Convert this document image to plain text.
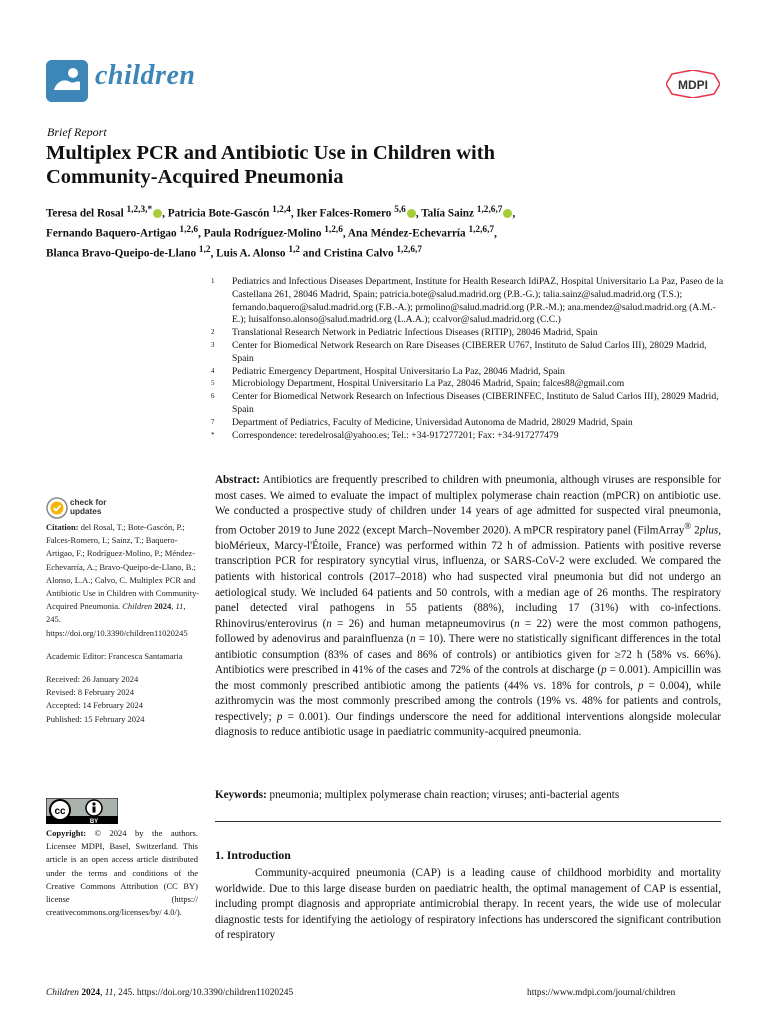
children	MDPI
Brief Report
Multiplex PCR and Antibiotic Use in Children with
Community-Acquired Pneumonia
Teresa del Rosal $^{1,2,3,*}$ , Patricia Bote-Gascón $^{1,2,4}$, Iker Falces-Romero $^{5,6}$ , Talía Sainz $^{1,2,6,7}$ ,
Fernando Baquero-Artigao $^{1,2,6}$, Paula Rodríguez-Molino $^{1,2,6}$, Ana Méndez-Echevarría $^{1,2,6,7}$,
Blanca Bravo-Queipo-de-Llano $^{1,2}$, Luis A. Alonso $^{1,2}$ and Cristina Calvo $^{1,2,6,7}$
1	Pediatrics and Infectious Diseases Department, Institute for Health Research IdiPAZ, Hospital Universitario La Paz, Paseo de la Castellana 261, 28046 Madrid, Spain; patricia.bote@salud.madrid.org (P.B.-G.); talia.sainz@salud.madrid.org (T.S.); fernando.baquero@salud.madrid.org (F.B.-A.); prmolino@salud.madrid.org (P.R.-M.); ana.mendez@salud.madrid.org (A.M.-E.); luisalfonso.alonso@salud.madrid.org (L.A.A.); ccalvor@salud.madrid.org (C.C.)
2	Translational Research Network in Pediatric Infectious Diseases (RITIP), 28046 Madrid, Spain
3	Center for Biomedical Network Research on Rare Diseases (CIBERER U767, Instituto de Salud Carlos III), 28029 Madrid, Spain
4	Pediatric Emergency Department, Hospital Universitario La Paz, 28046 Madrid, Spain
5	Microbiology Department, Hospital Universitario La Paz, 28046 Madrid, Spain; falces88@gmail.com
6	Center for Biomedical Network Research on Infectious Diseases (CIBERINFEC, Instituto de Salud Carlos III), 28029 Madrid, Spain
7	Department of Pediatrics, Faculty of Medicine, Universidad Autonoma de Madrid, 28029 Madrid, Spain
*	Correspondence: teredelrosal@yahoo.es; Tel.: +34-917277201; Fax: +34-917277479
check for
updates

Citation: del Rosal, T.; Bote-Gascón, P.; Falces-Romero, I.; Sainz, T.; Baquero-Artigao, F.; Rodríguez-Molino, P.; Méndez-Echevarría, A.; Bravo-Queipo-de-Llano, B.; Alonso, L.A.; Calvo, C. Multiplex PCR and Antibiotic Use in Children with Community-Acquired Pneumonia. Children 2024, 11, 245. https://doi.org/10.3390/children11020245

Academic Editor: Francesca Santamaria

Received: 26 January 2024

Revised: 8 February 2024

Accepted: 14 February 2024

Published: 15 February 2024

cc
BY
Copyright: © 2024 by the authors. Licensee MDPI, Basel, Switzerland. This article is an open access article distributed under the terms and conditions of the Creative Commons Attribution (CC BY) license (https:// creativecommons.org/licenses/by/ 4.0/).
Abstract: Antibiotics are frequently prescribed to children with pneumonia, although viruses are responsible for most cases. We aimed to evaluate the impact of multiplex polymerase chain reaction (mPCR) on antibiotic use. We conducted a prospective study of children under 14 years of age admitted for suspected viral pneumonia, from October 2019 to June 2022 (except March–November 2020). A mPCR respiratory panel (FilmArray® 2plus, bioMérieux, Marcy-l'Étoile, France) was performed within 72 h of admission. Patients with positive reverse transcription PCR for respiratory syncytial virus, influenza, or SARS-CoV-2 were excluded. We compared the patients with historical controls (2017–2018) who had suspected viral pneumonia but did not undergo an aetiological study. We included 64 patients and 50 controls, with a median age of 26 months. The respiratory panel detected viral pathogens in 55 patients (88%), including 17 (31%) with co-infections. Rhinovirus/enterovirus (n = 26) and human metapneumovirus (n = 22) were the most common pathogens, followed by adenovirus and parainfluenza (n = 10). There were no statistically significant differences in the total antibiotic consumption (83% of cases and 86% of controls) or antibiotics given for ≥72 h (58% vs. 66%). Antibiotics were prescribed in 41% of the cases and 72% of the controls at discharge (p = 0.001). Ampicillin was the most commonly prescribed antibiotic among the patients (44% vs. 18% for controls, p = 0.004), while azithromycin was the most commonly prescribed among the controls (19% vs. 48% for patients and controls, respectively; p = 0.001). Our findings underscore the need for additional interventions alongside molecular diagnosis to reduce antibiotic usage in paediatric community-acquired pneumonia.
Keywords: pneumonia; multiplex polymerase chain reaction; viruses; anti-bacterial agents
1. Introduction
Community-acquired pneumonia (CAP) is a leading cause of childhood morbidity and mortality worldwide. Due to this large disease burden on paediatric health, the optimal management of CAP is essential, including prompt diagnosis and appropriate antimicrobial therapy. In recent years, the wide use of molecular diagnostic tests for identifying the aetiology of respiratory infections has underscored the significant contribution of respiratory
Children 2024, 11, 245. https://doi.org/10.3390/children11020245	https://www.mdpi.com/journal/children
